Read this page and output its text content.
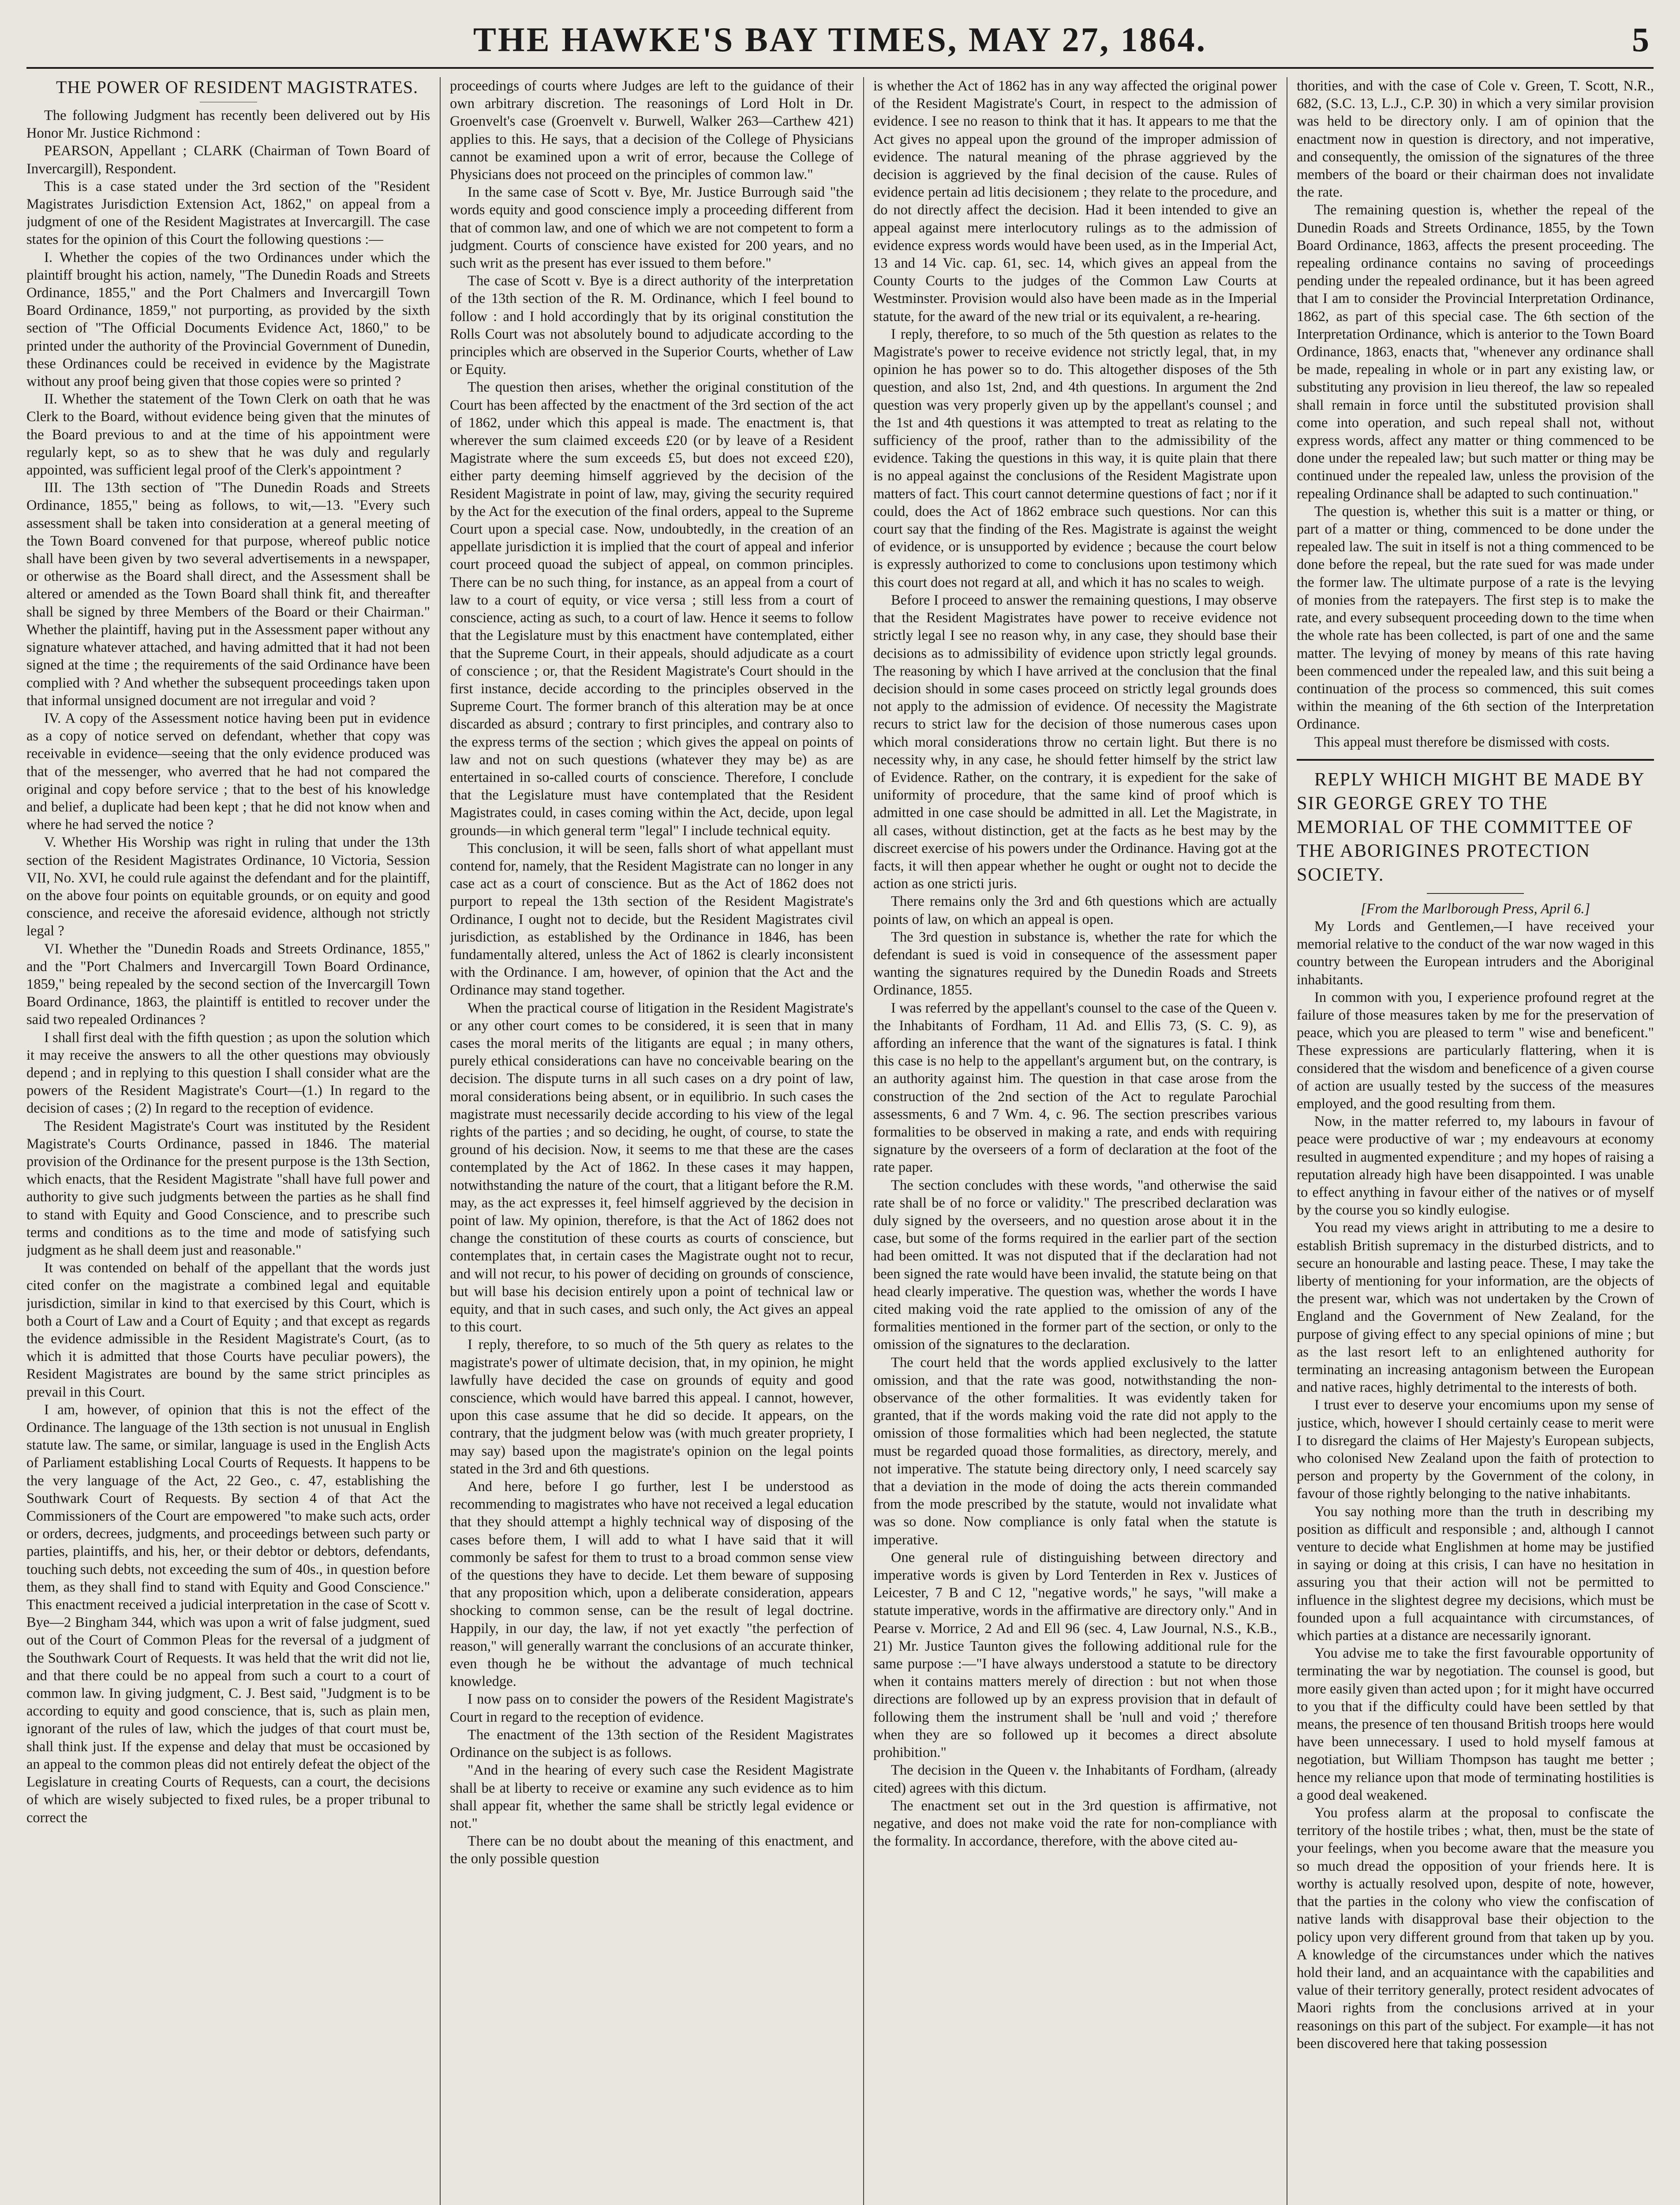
THE HAWKE'S BAY TIMES, MAY 27, 1864.	5

THE POWER OF RESIDENT MAGISTRATES.

The following Judgment has recently been delivered out by His Honor Mr. Justice Richmond :

PEARSON, Appellant ; CLARK (Chairman of Town Board of Invercargill), Respondent.

This is a case stated under the 3rd section of the "Resident Magistrates Jurisdiction Extension Act, 1862," on appeal from a judgment of one of the Resident Magistrates at Invercargill. The case states for the opinion of this Court the following questions :—

I. Whether the copies of the two Ordinances under which the plaintiff brought his action, namely, "The Dunedin Roads and Streets Ordinance, 1855," and the Port Chalmers and Invercargill Town Board Ordinance, 1859," not purporting, as provided by the sixth section of "The Official Documents Evidence Act, 1860," to be printed under the authority of the Provincial Government of Dunedin, these Ordinances could be received in evidence by the Magistrate without any proof being given that those copies were so printed ?

II. Whether the statement of the Town Clerk on oath that he was Clerk to the Board, without evidence being given that the minutes of the Board previous to and at the time of his appointment were regularly kept, so as to shew that he was duly and regularly appointed, was sufficient legal proof of the Clerk's appointment ?

III. The 13th section of "The Dunedin Roads and Streets Ordinance, 1855," being as follows, to wit,—13. "Every such assessment shall be taken into consideration at a general meeting of the Town Board convened for that purpose, whereof public notice shall have been given by two several advertisements in a newspaper, or otherwise as the Board shall direct, and the Assessment shall be altered or amended as the Town Board shall think fit, and thereafter shall be signed by three Members of the Board or their Chairman." Whether the plaintiff, having put in the Assessment paper without any signature whatever attached, and having admitted that it had not been signed at the time ; the requirements of the said Ordinance have been complied with ? And whether the subsequent proceedings taken upon that informal unsigned document are not irregular and void ?

IV. A copy of the Assessment notice having been put in evidence as a copy of notice served on defendant, whether that copy was receivable in evidence—seeing that the only evidence produced was that of the messenger, who averred that he had not compared the original and copy before service ; that to the best of his knowledge and belief, a duplicate had been kept ; that he did not know when and where he had served the notice ?

V. Whether His Worship was right in ruling that under the 13th section of the Resident Magistrates Ordinance, 10 Victoria, Session VII, No. XVI, he could rule against the defendant and for the plaintiff, on the above four points on equitable grounds, or on equity and good conscience, and receive the aforesaid evidence, although not strictly legal ?

VI. Whether the "Dunedin Roads and Streets Ordinance, 1855," and the "Port Chalmers and Invercargill Town Board Ordinance, 1859," being repealed by the second section of the Invercargill Town Board Ordinance, 1863, the plaintiff is entitled to recover under the said two repealed Ordinances ?

I shall first deal with the fifth question ; as upon the solution which it may receive the answers to all the other questions may obviously depend ; and in replying to this question I shall consider what are the powers of the Resident Magistrate's Court—(1.) In regard to the decision of cases ; (2) In regard to the reception of evidence.

The Resident Magistrate's Court was instituted by the Resident Magistrate's Courts Ordinance, passed in 1846. The material provision of the Ordinance for the present purpose is the 13th Section, which enacts, that the Resident Magistrate "shall have full power and authority to give such judgments between the parties as he shall find to stand with Equity and Good Conscience, and to prescribe such terms and conditions as to the time and mode of satisfying such judgment as he shall deem just and reasonable."

It was contended on behalf of the appellant that the words just cited confer on the magistrate a combined legal and equitable jurisdiction, similar in kind to that exercised by this Court, which is both a Court of Law and a Court of Equity ; and that except as regards the evidence admissible in the Resident Magistrate's Court, (as to which it is admitted that those Courts have peculiar powers), the Resident Magistrates are bound by the same strict principles as prevail in this Court.

I am, however, of opinion that this is not the effect of the Ordinance. The language of the 13th section is not unusual in English statute law. The same, or similar, language is used in the English Acts of Parliament establishing Local Courts of Requests. It happens to be the very language of the Act, 22 Geo., c. 47, establishing the Southwark Court of Requests. By section 4 of that Act the Commissioners of the Court are empowered "to make such acts, order or orders, decrees, judgments, and proceedings between such party or parties, plaintiffs, and his, her, or their debtor or debtors, defendants, touching such debts, not exceeding the sum of 40s., in question before them, as they shall find to stand with Equity and Good Conscience." This enactment received a judicial interpretation in the case of Scott v. Bye—2 Bingham 344, which was upon a writ of false judgment, sued out of the Court of Common Pleas for the reversal of a judgment of the Southwark Court of Requests. It was held that the writ did not lie, and that there could be no appeal from such a court to a court of common law. In giving judgment, C. J. Best said, "Judgment is to be according to equity and good conscience, that is, such as plain men, ignorant of the rules of law, which the judges of that court must be, shall think just. If the expense and delay that must be occasioned by an appeal to the common pleas did not entirely defeat the object of the Legislature in creating Courts of Requests, can a court, the decisions of which are wisely subjected to fixed rules, be a proper tribunal to correct the

proceedings of courts where Judges are left to the guidance of their own arbitrary discretion. The reasonings of Lord Holt in Dr. Groenvelt's case (Groenvelt v. Burwell, Walker 263—Carthew 421) applies to this. He says, that a decision of the College of Physicians cannot be examined upon a writ of error, because the College of Physicians does not proceed on the principles of common law."

In the same case of Scott v. Bye, Mr. Justice Burrough said "the words equity and good conscience imply a proceeding different from that of common law, and one of which we are not competent to form a judgment. Courts of conscience have existed for 200 years, and no such writ as the present has ever issued to them before."

The case of Scott v. Bye is a direct authority of the interpretation of the 13th section of the R. M. Ordinance, which I feel bound to follow : and I hold accordingly that by its original constitution the Rolls Court was not absolutely bound to adjudicate according to the principles which are observed in the Superior Courts, whether of Law or Equity.

The question then arises, whether the original constitution of the Court has been affected by the enactment of the 3rd section of the act of 1862, under which this appeal is made. The enactment is, that wherever the sum claimed exceeds £20 (or by leave of a Resident Magistrate where the sum exceeds £5, but does not exceed £20), either party deeming himself aggrieved by the decision of the Resident Magistrate in point of law, may, giving the security required by the Act for the execution of the final orders, appeal to the Supreme Court upon a special case. Now, undoubtedly, in the creation of an appellate jurisdiction it is implied that the court of appeal and inferior court proceed quoad the subject of appeal, on common principles. There can be no such thing, for instance, as an appeal from a court of law to a court of equity, or vice versa ; still less from a court of conscience, acting as such, to a court of law. Hence it seems to follow that the Legislature must by this enactment have contemplated, either that the Supreme Court, in their appeals, should adjudicate as a court of conscience ; or, that the Resident Magistrate's Court should in the first instance, decide according to the principles observed in the Supreme Court. The former branch of this alteration may be at once discarded as absurd ; contrary to first principles, and contrary also to the express terms of the section ; which gives the appeal on points of law and not on such questions (whatever they may be) as are entertained in so-called courts of conscience. Therefore, I conclude that the Legislature must have contemplated that the Resident Magistrates could, in cases coming within the Act, decide, upon legal grounds—in which general term "legal" I include technical equity.

This conclusion, it will be seen, falls short of what appellant must contend for, namely, that the Resident Magistrate can no longer in any case act as a court of conscience. But as the Act of 1862 does not purport to repeal the 13th section of the Resident Magistrate's Ordinance, I ought not to decide, but the Resident Magistrates civil jurisdiction, as established by the Ordinance in 1846, has been fundamentally altered, unless the Act of 1862 is clearly inconsistent with the Ordinance. I am, however, of opinion that the Act and the Ordinance may stand together.

When the practical course of litigation in the Resident Magistrate's or any other court comes to be considered, it is seen that in many cases the moral merits of the litigants are equal ; in many others, purely ethical considerations can have no conceivable bearing on the decision. The dispute turns in all such cases on a dry point of law, moral considerations being absent, or in equilibrio. In such cases the magistrate must necessarily decide according to his view of the legal rights of the parties ; and so deciding, he ought, of course, to state the ground of his decision. Now, it seems to me that these are the cases contemplated by the Act of 1862. In these cases it may happen, notwithstanding the nature of the court, that a litigant before the R.M. may, as the act expresses it, feel himself aggrieved by the decision in point of law. My opinion, therefore, is that the Act of 1862 does not change the constitution of these courts as courts of conscience, but contemplates that, in certain cases the Magistrate ought not to recur, and will not recur, to his power of deciding on grounds of conscience, but will base his decision entirely upon a point of technical law or equity, and that in such cases, and such only, the Act gives an appeal to this court.

I reply, therefore, to so much of the 5th query as relates to the magistrate's power of ultimate decision, that, in my opinion, he might lawfully have decided the case on grounds of equity and good conscience, which would have barred this appeal. I cannot, however, upon this case assume that he did so decide. It appears, on the contrary, that the judgment below was (with much greater propriety, I may say) based upon the magistrate's opinion on the legal points stated in the 3rd and 6th questions.

And here, before I go further, lest I be understood as recommending to magistrates who have not received a legal education that they should attempt a highly technical way of disposing of the cases before them, I will add to what I have said that it will commonly be safest for them to trust to a broad common sense view of the questions they have to decide. Let them beware of supposing that any proposition which, upon a deliberate consideration, appears shocking to common sense, can be the result of legal doctrine. Happily, in our day, the law, if not yet exactly "the perfection of reason," will generally warrant the conclusions of an accurate thinker, even though he be without the advantage of much technical knowledge.

I now pass on to consider the powers of the Resident Magistrate's Court in regard to the reception of evidence.

The enactment of the 13th section of the Resident Magistrates Ordinance on the subject is as follows.

"And in the hearing of every such case the Resident Magistrate shall be at liberty to receive or examine any such evidence as to him shall appear fit, whether the same shall be strictly legal evidence or not."

There can be no doubt about the meaning of this enactment, and the only possible question

is whether the Act of 1862 has in any way affected the original power of the Resident Magistrate's Court, in respect to the admission of evidence. I see no reason to think that it has. It appears to me that the Act gives no appeal upon the ground of the improper admission of evidence. The natural meaning of the phrase aggrieved by the decision is aggrieved by the final decision of the cause. Rules of evidence pertain ad litis decisionem ; they relate to the procedure, and do not directly affect the decision. Had it been intended to give an appeal against mere interlocutory rulings as to the admission of evidence express words would have been used, as in the Imperial Act, 13 and 14 Vic. cap. 61, sec. 14, which gives an appeal from the County Courts to the judges of the Common Law Courts at Westminster. Provision would also have been made as in the Imperial statute, for the award of the new trial or its equivalent, a re-hearing.

I reply, therefore, to so much of the 5th question as relates to the Magistrate's power to receive evidence not strictly legal, that, in my opinion he has power so to do. This altogether disposes of the 5th question, and also 1st, 2nd, and 4th questions. In argument the 2nd question was very properly given up by the appellant's counsel ; and the 1st and 4th questions it was attempted to treat as relating to the sufficiency of the proof, rather than to the admissibility of the evidence. Taking the questions in this way, it is quite plain that there is no appeal against the conclusions of the Resident Magistrate upon matters of fact. This court cannot determine questions of fact ; nor if it could, does the Act of 1862 embrace such questions. Nor can this court say that the finding of the Res. Magistrate is against the weight of evidence, or is unsupported by evidence ; because the court below is expressly authorized to come to conclusions upon testimony which this court does not regard at all, and which it has no scales to weigh.

Before I proceed to answer the remaining questions, I may observe that the Resident Magistrates have power to receive evidence not strictly legal I see no reason why, in any case, they should base their decisions as to admissibility of evidence upon strictly legal grounds. The reasoning by which I have arrived at the conclusion that the final decision should in some cases proceed on strictly legal grounds does not apply to the admission of evidence. Of necessity the Magistrate recurs to strict law for the decision of those numerous cases upon which moral considerations throw no certain light. But there is no necessity why, in any case, he should fetter himself by the strict law of Evidence. Rather, on the contrary, it is expedient for the sake of uniformity of procedure, that the same kind of proof which is admitted in one case should be admitted in all. Let the Magistrate, in all cases, without distinction, get at the facts as he best may by the discreet exercise of his powers under the Ordinance. Having got at the facts, it will then appear whether he ought or ought not to decide the action as one stricti juris.

There remains only the 3rd and 6th questions which are actually points of law, on which an appeal is open.

The 3rd question in substance is, whether the rate for which the defendant is sued is void in consequence of the assessment paper wanting the signatures required by the Dunedin Roads and Streets Ordinance, 1855.

I was referred by the appellant's counsel to the case of the Queen v. the Inhabitants of Fordham, 11 Ad. and Ellis 73, (S. C. 9), as affording an inference that the want of the signatures is fatal. I think this case is no help to the appellant's argument but, on the contrary, is an authority against him. The question in that case arose from the construction of the 2nd section of the Act to regulate Parochial assessments, 6 and 7 Wm. 4, c. 96. The section prescribes various formalities to be observed in making a rate, and ends with requiring signature by the overseers of a form of declaration at the foot of the rate paper.

The section concludes with these words, "and otherwise the said rate shall be of no force or validity." The prescribed declaration was duly signed by the overseers, and no question arose about it in the case, but some of the forms required in the earlier part of the section had been omitted. It was not disputed that if the declaration had not been signed the rate would have been invalid, the statute being on that head clearly imperative. The question was, whether the words I have cited making void the rate applied to the omission of any of the formalities mentioned in the former part of the section, or only to the omission of the signatures to the declaration.

The court held that the words applied exclusively to the latter omission, and that the rate was good, notwithstanding the non-observance of the other formalities. It was evidently taken for granted, that if the words making void the rate did not apply to the omission of those formalities which had been neglected, the statute must be regarded quoad those formalities, as directory, merely, and not imperative. The statute being directory only, I need scarcely say that a deviation in the mode of doing the acts therein commanded from the mode prescribed by the statute, would not invalidate what was so done. Now compliance is only fatal when the statute is imperative.

One general rule of distinguishing between directory and imperative words is given by Lord Tenterden in Rex v. Justices of Leicester, 7 B and C 12, "negative words," he says, "will make a statute imperative, words in the affirmative are directory only." And in Pearse v. Morrice, 2 Ad and Ell 96 (sec. 4, Law Journal, N.S., K.B., 21) Mr. Justice Taunton gives the following additional rule for the same purpose :—"I have always understood a statute to be directory when it contains matters merely of direction : but not when those directions are followed up by an express provision that in default of following them the instrument shall be 'null and void ;' therefore when they are so followed up it becomes a direct absolute prohibition."

The decision in the Queen v. the Inhabitants of Fordham, (already cited) agrees with this dictum.

The enactment set out in the 3rd question is affirmative, not negative, and does not make void the rate for non-compliance with the formality. In accordance, therefore, with the above cited au-

thorities, and with the case of Cole v. Green, T. Scott, N.R., 682, (S.C. 13, L.J., C.P. 30) in which a very similar provision was held to be directory only. I am of opinion that the enactment now in question is directory, and not imperative, and consequently, the omission of the signatures of the three members of the board or their chairman does not invalidate the rate.

The remaining question is, whether the repeal of the Dunedin Roads and Streets Ordinance, 1855, by the Town Board Ordinance, 1863, affects the present proceeding. The repealing ordinance contains no saving of proceedings pending under the repealed ordinance, but it has been agreed that I am to consider the Provincial Interpretation Ordinance, 1862, as part of this special case. The 6th section of the Interpretation Ordinance, which is anterior to the Town Board Ordinance, 1863, enacts that, "whenever any ordinance shall be made, repealing in whole or in part any existing law, or substituting any provision in lieu thereof, the law so repealed shall remain in force until the substituted provision shall come into operation, and such repeal shall not, without express words, affect any matter or thing commenced to be done under the repealed law; but such matter or thing may be continued under the repealed law, unless the provision of the repealing Ordinance shall be adapted to such continuation."

The question is, whether this suit is a matter or thing, or part of a matter or thing, commenced to be done under the repealed law. The suit in itself is not a thing commenced to be done before the repeal, but the rate sued for was made under the former law. The ultimate purpose of a rate is the levying of monies from the ratepayers. The first step is to make the rate, and every subsequent proceeding down to the time when the whole rate has been collected, is part of one and the same matter. The levying of money by means of this rate having been commenced under the repealed law, and this suit being a continuation of the process so commenced, this suit comes within the meaning of the 6th section of the Interpretation Ordinance.

This appeal must therefore be dismissed with costs.

REPLY WHICH MIGHT BE MADE BY SIR GEORGE GREY TO THE MEMORIAL OF THE COMMITTEE OF THE ABORIGINES PROTECTION SOCIETY.

[From the Marlborough Press, April 6.]

My Lords and Gentlemen,—I have received your memorial relative to the conduct of the war now waged in this country between the European intruders and the Aboriginal inhabitants.

In common with you, I experience profound regret at the failure of those measures taken by me for the preservation of peace, which you are pleased to term " wise and beneficent." These expressions are particularly flattering, when it is considered that the wisdom and beneficence of a given course of action are usually tested by the success of the measures employed, and the good resulting from them.

Now, in the matter referred to, my labours in favour of peace were productive of war ; my endeavours at economy resulted in augmented expenditure ; and my hopes of raising a reputation already high have been disappointed. I was unable to effect anything in favour either of the natives or of myself by the course you so kindly eulogise.

You read my views aright in attributing to me a desire to establish British supremacy in the disturbed districts, and to secure an honourable and lasting peace. These, I may take the liberty of mentioning for your information, are the objects of the present war, which was not undertaken by the Crown of England and the Government of New Zealand, for the purpose of giving effect to any special opinions of mine ; but as the last resort left to an enlightened authority for terminating an increasing antagonism between the European and native races, highly detrimental to the interests of both.

I trust ever to deserve your encomiums upon my sense of justice, which, however I should certainly cease to merit were I to disregard the claims of Her Majesty's European subjects, who colonised New Zealand upon the faith of protection to person and property by the Government of the colony, in favour of those rightly belonging to the native inhabitants.

You say nothing more than the truth in describing my position as difficult and responsible ; and, although I cannot venture to decide what Englishmen at home may be justified in saying or doing at this crisis, I can have no hesitation in assuring you that their action will not be permitted to influence in the slightest degree my decisions, which must be founded upon a full acquaintance with circumstances, of which parties at a distance are necessarily ignorant.

You advise me to take the first favourable opportunity of terminating the war by negotiation. The counsel is good, but more easily given than acted upon ; for it might have occurred to you that if the difficulty could have been settled by that means, the presence of ten thousand British troops here would have been unnecessary. I used to hold myself famous at negotiation, but William Thompson has taught me better ; hence my reliance upon that mode of terminating hostilities is a good deal weakened.

You profess alarm at the proposal to confiscate the territory of the hostile tribes ; what, then, must be the state of your feelings, when you become aware that the measure you so much dread the opposition of your friends here. It is worthy is actually resolved upon, despite of note, however, that the parties in the colony who view the confiscation of native lands with disapproval base their objection to the policy upon very different ground from that taken up by you. A knowledge of the circumstances under which the natives hold their land, and an acquaintance with the capabilities and value of their territory generally, protect resident advocates of Maori rights from the conclusions arrived at in your reasonings on this part of the subject. For example—it has not been discovered here that taking possession
